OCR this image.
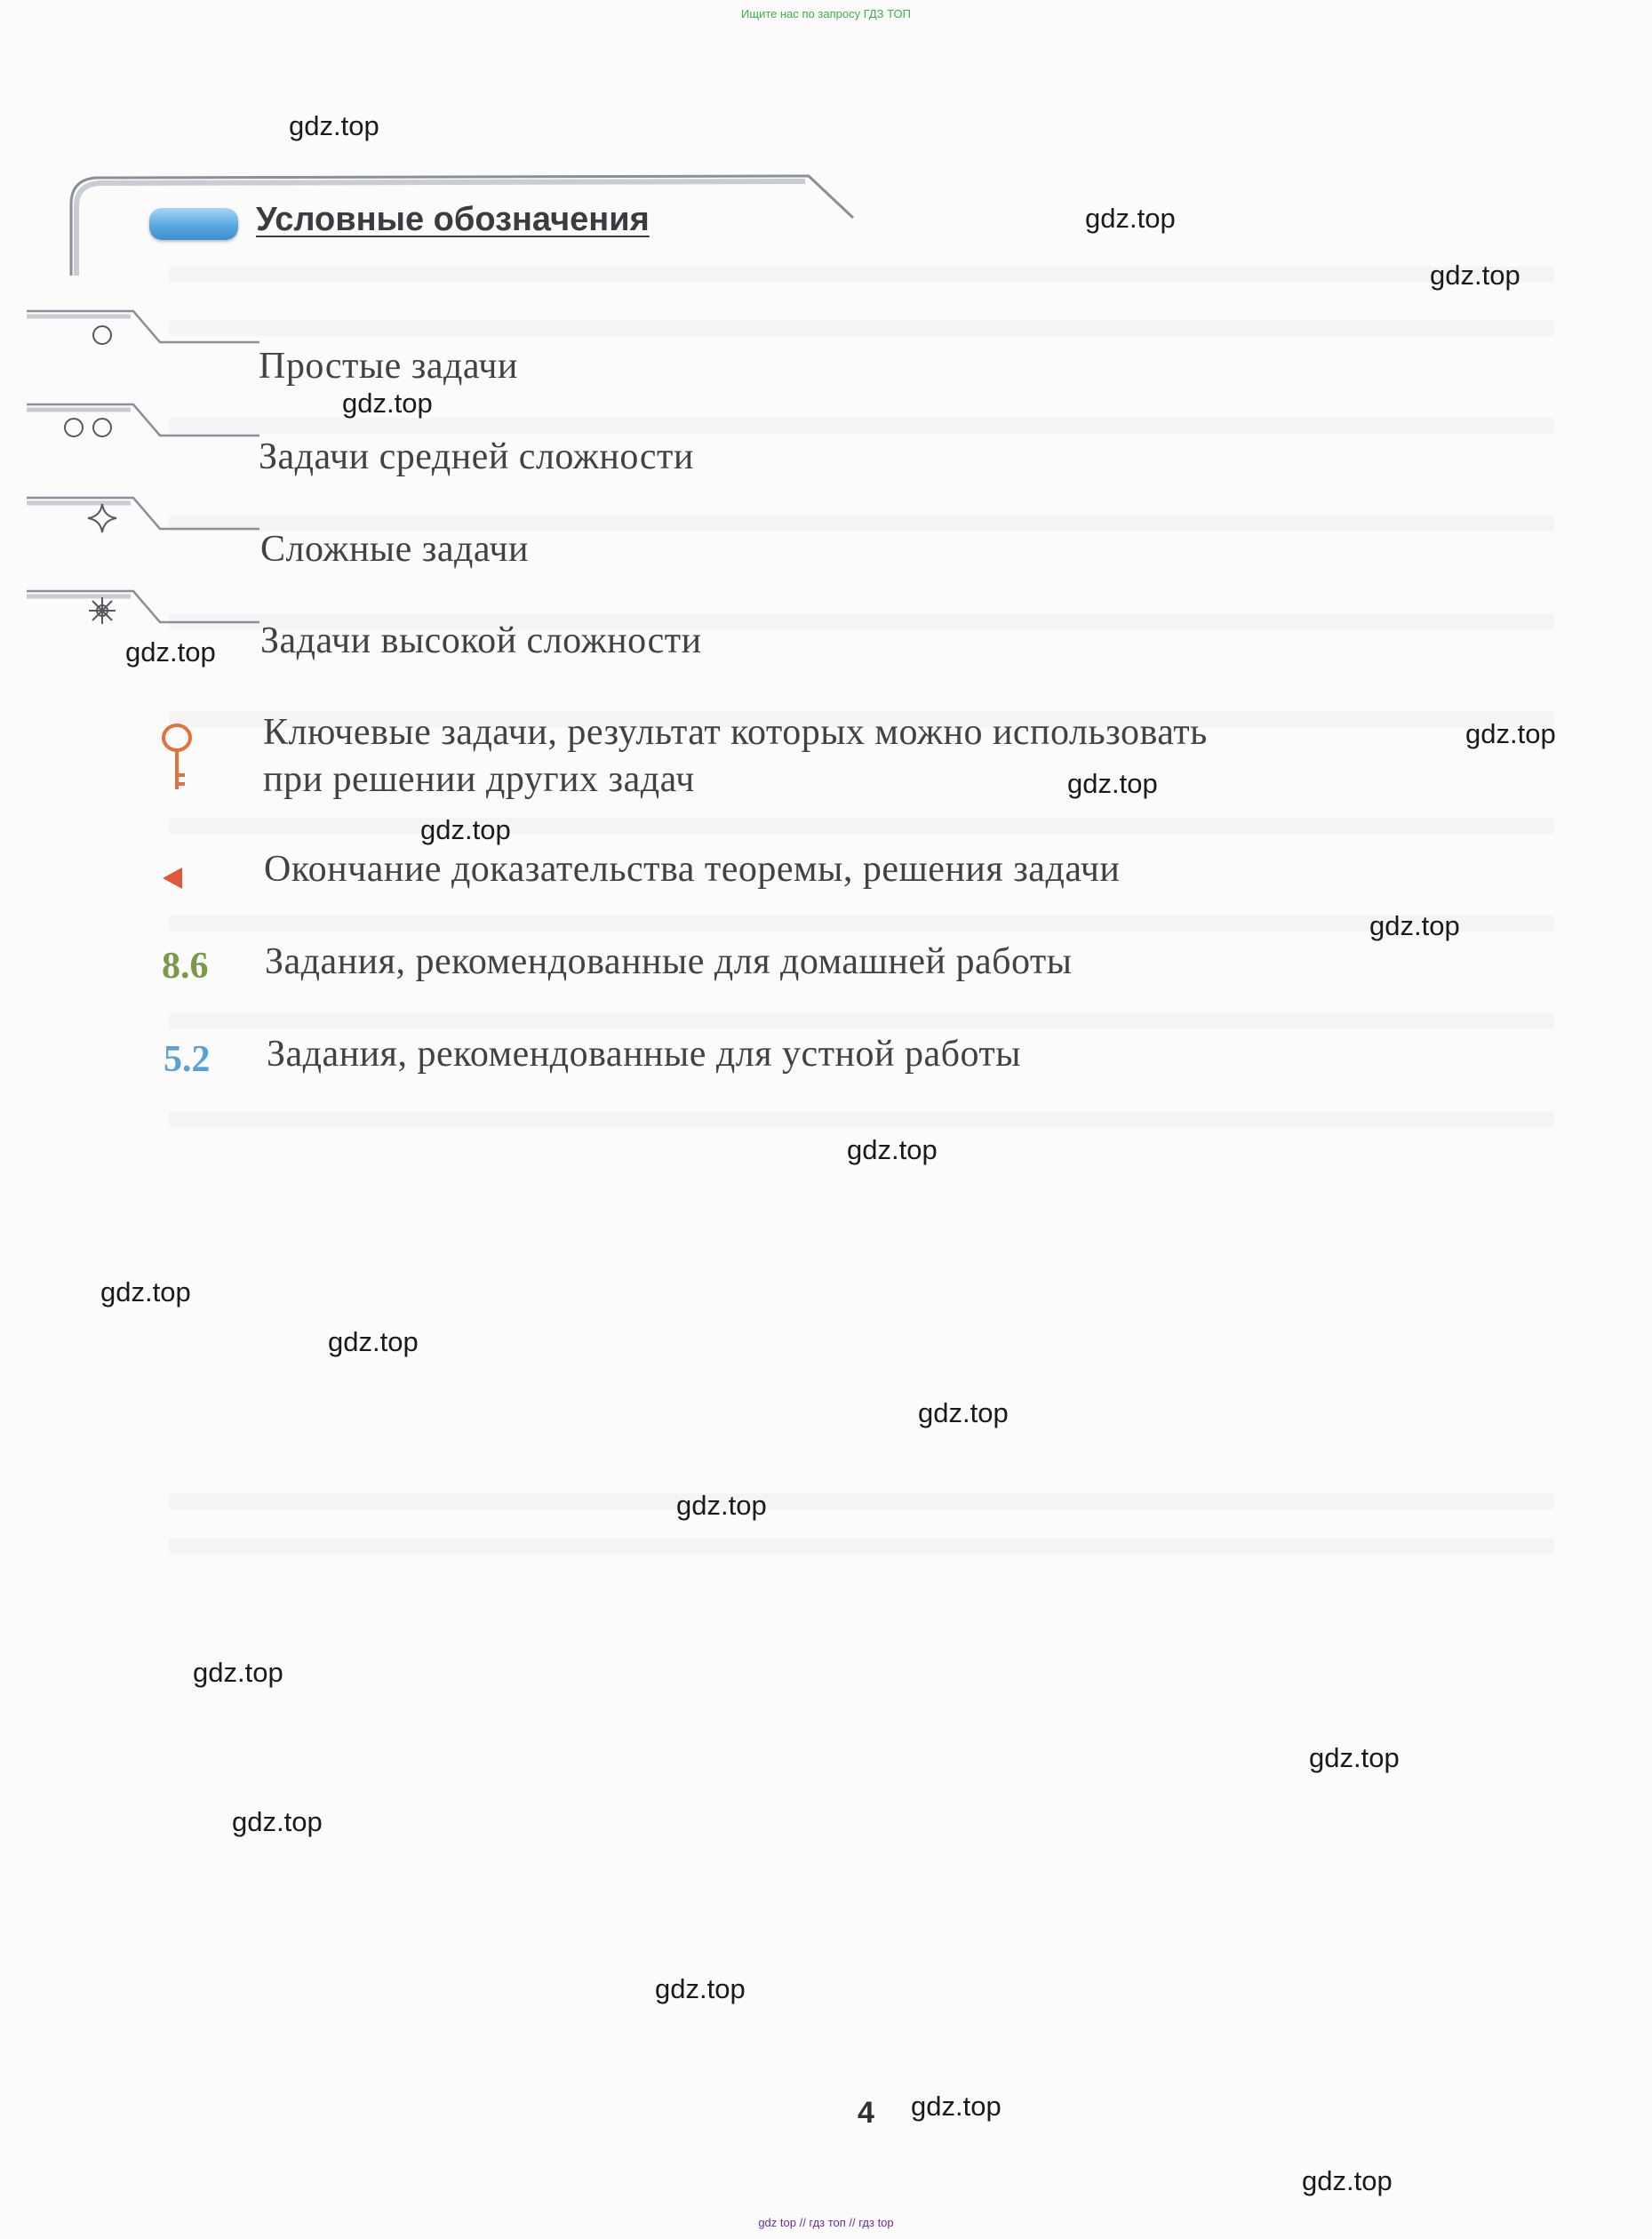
Ищите нас по запросу ГДЗ ТОП
Условные обозначения
Простые задачи
Задачи средней сложности
Сложные задачи
Задачи высокой сложности
Ключевые задачи, результат которых можно использовать
при решении других задач
Окончание доказательства теоремы, решения задачи
8.6 Задания, рекомендованные для домашней работы
5.2 Задания, рекомендованные для устной работы
4
gdz.top
gdz.top
gdz.top
gdz.top
gdz.top
gdz.top
gdz.top
gdz.top
gdz.top
gdz.top
gdz.top
gdz.top
gdz.top
gdz.top
gdz.top
gdz.top
gdz.top
gdz.top
gdz.top
gdz.top
gdz top // гдз топ // гдз top
